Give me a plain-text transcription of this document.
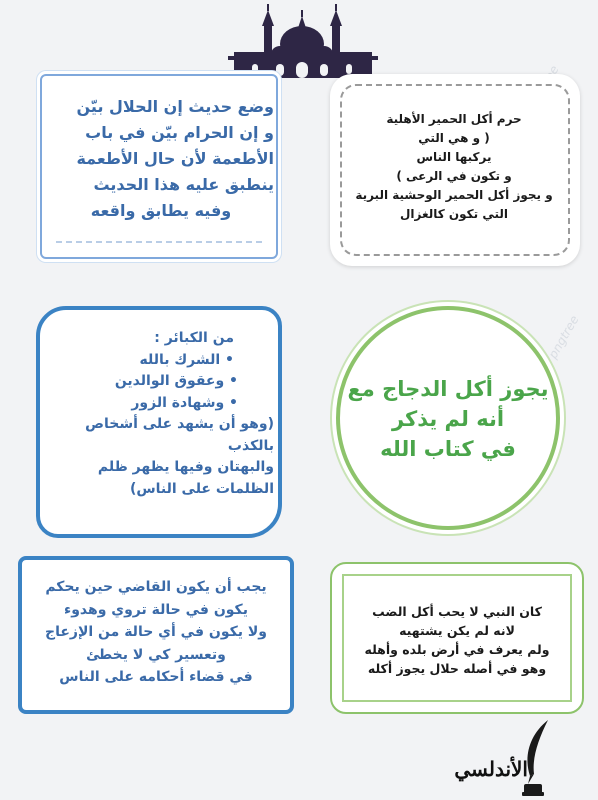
pngtree
وضع حديث إن الحلال بيّن
و إن الحرام بيّن في باب
الأطعمة لأن حال الأطعمة
ينطبق عليه هذا الحديث
وفيه يطابق واقعه
حرم أكل الحمير الأهلية
( و هي التي
يركبها الناس
و تكون في الرعى )
و يجوز أكل الحمير الوحشية البرية
التي تكون كالغزال
من الكبائر :
• الشرك بالله
• وعقوق الوالدين
• وشهادة الزور
(وهو أن يشهد على أشخاص
بالكذب
والبهتان وفيها يظهر ظلم
الظلمات على الناس)
يجوز أكل الدجاج مع
أنه لم يذكر
في كتاب الله
يجب أن يكون القاضي حين يحكم
يكون في حالة تروي وهدوء
ولا يكون في أي حالة من الإزعاج
وتعسير كي لا يخطئ
في قضاء أحكامه على الناس
كان النبي لا يحب أكل الضب
لانه لم يكن يشتهيه
ولم يعرف في أرض بلده وأهله
وهو في أصله حلال يجوز أكله
الأندلسي
